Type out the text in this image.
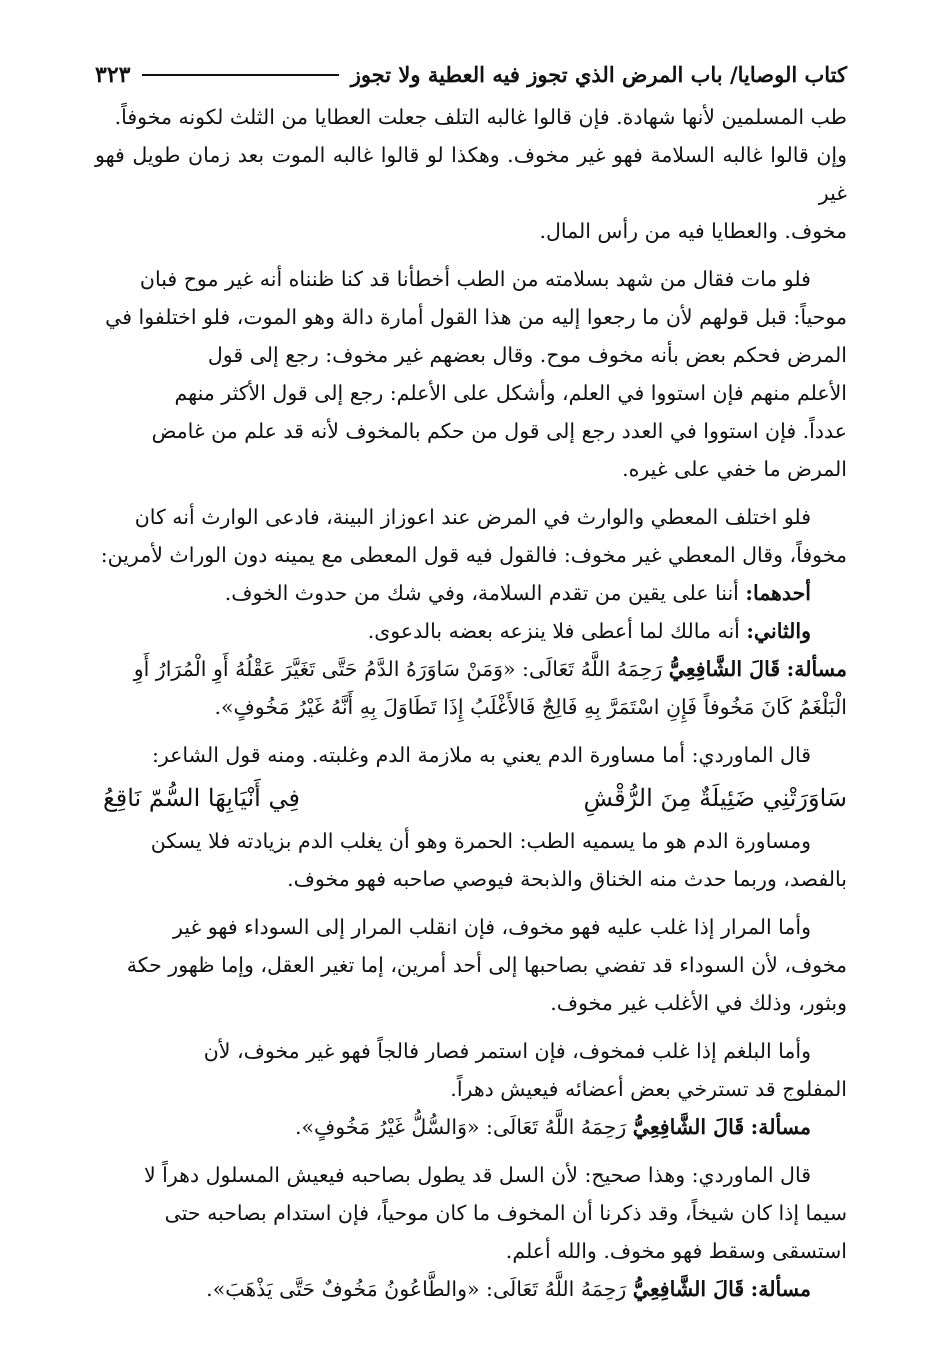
كتاب الوصايا/ باب المرض الذي تجوز فيه العطية ولا تجوز
٣٢٣

طب المسلمين لأنها شهادة. فإن قالوا غالبه التلف جعلت العطايا من الثلث لكونه مخوفاً.

وإن قالوا غالبه السلامة فهو غير مخوف. وهكذا لو قالوا غالبه الموت بعد زمان طويل فهو غير

مخوف. والعطايا فيه من رأس المال.

فلو مات فقال من شهد بسلامته من الطب أخطأنا قد كنا ظنناه أنه غير موح فبان

موحياً: قبل قولهم لأن ما رجعوا إليه من هذا القول أمارة دالة وهو الموت، فلو اختلفوا في

المرض فحكم بعض بأنه مخوف موح. وقال بعضهم غير مخوف: رجع إلى قول

الأعلم منهم فإن استووا في العلم، وأشكل على الأعلم: رجع إلى قول الأكثر منهم

عدداً. فإن استووا في العدد رجع إلى قول من حكم بالمخوف لأنه قد علم من غامض

المرض ما خفي على غيره.

فلو اختلف المعطي والوارث في المرض عند اعوزاز البينة، فادعى الوارث أنه كان

مخوفاً، وقال المعطي غير مخوف: فالقول فيه قول المعطى مع يمينه دون الوراث لأمرين:

أحدهما: أننا على يقين من تقدم السلامة، وفي شك من حدوث الخوف.

والثاني: أنه مالك لما أعطى فلا ينزعه بعضه بالدعوى.

مسألة: قَالَ الشَّافِعِيُّ رَحِمَهُ اللَّهُ تَعَالَى: «وَمَنْ سَاوَرَهُ الدَّمُ حَتَّى تَغَيَّرَ عَقْلُهُ أَوِ الْمُرَارُ أَوِ

الْبَلْغَمُ كَانَ مَخُوفاً فَإِنِ اسْتَمَرَّ بِهِ فَالِجٌ فَالأَغْلَبُ إِذَا تَطَاوَلَ بِهِ أَنَّهُ غَيْرُ مَخُوفٍ».

قال الماوردي: أما مساورة الدم يعني به ملازمة الدم وغلبته. ومنه قول الشاعر:

سَاوَرَتْنِي ضَئِيلَةٌ مِنَ الرُّقْشِ
فِي أَنْيَابِهَا السُّمّ نَاقِعُ

ومساورة الدم هو ما يسميه الطب: الحمرة وهو أن يغلب الدم بزيادته فلا يسكن

بالفصد، وربما حدث منه الخناق والذبحة فيوصي صاحبه فهو مخوف.

وأما المرار إذا غلب عليه فهو مخوف، فإن انقلب المرار إلى السوداء فهو غير

مخوف، لأن السوداء قد تفضي بصاحبها إلى أحد أمرين، إما تغير العقل، وإما ظهور حكة

وبثور، وذلك في الأغلب غير مخوف.

وأما البلغم إذا غلب فمخوف، فإن استمر فصار فالجاً فهو غير مخوف، لأن

المفلوج قد تسترخي بعض أعضائه فيعيش دهراً.

مسألة: قَالَ الشَّافِعِيُّ رَحِمَهُ اللَّهُ تَعَالَى: «وَالسُّلُّ غَيْرُ مَخُوفٍ».

قال الماوردي: وهذا صحيح: لأن السل قد يطول بصاحبه فيعيش المسلول دهراً لا

سيما إذا كان شيخاً، وقد ذكرنا أن المخوف ما كان موحياً، فإن استدام بصاحبه حتى

استسقى وسقط فهو مخوف. والله أعلم.

مسألة: قَالَ الشَّافِعِيُّ رَحِمَهُ اللَّهُ تَعَالَى: «والطَّاعُونُ مَخُوفٌ حَتَّى يَذْهَبَ».
